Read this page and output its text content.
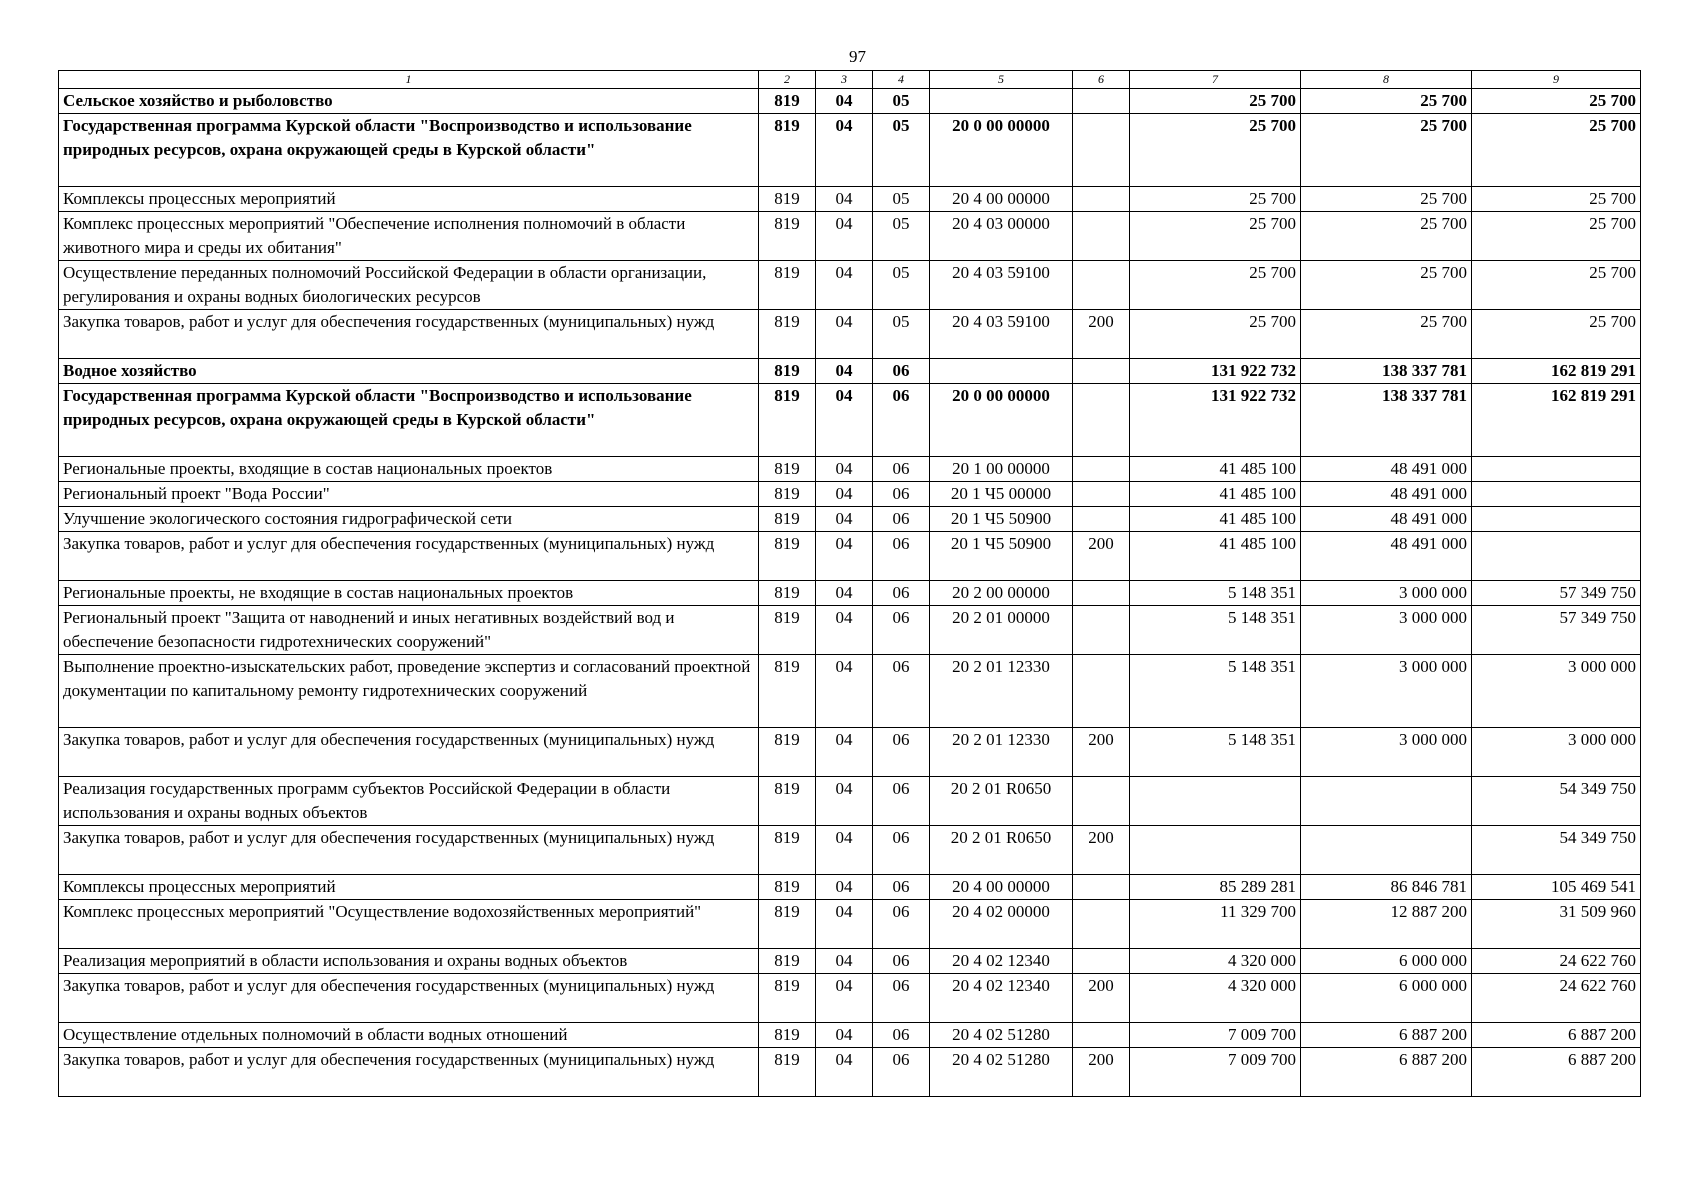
97
1	2	3	4	5	6	7	8	9
Сельское хозяйство и рыболовство	819	04	05			25 700	25 700	25 700
Государственная программа Курской области "Воспроизводство и использование природных ресурсов, охрана окружающей среды в Курской области"	819	04	05	20 0 00 00000		25 700	25 700	25 700
Комплексы процессных мероприятий	819	04	05	20 4 00 00000		25 700	25 700	25 700
Комплекс процессных мероприятий "Обеспечение исполнения полномочий в области животного мира и среды их обитания"	819	04	05	20 4 03 00000		25 700	25 700	25 700
Осуществление переданных полномочий Российской Федерации в области организации, регулирования и охраны водных биологических ресурсов	819	04	05	20 4 03 59100		25 700	25 700	25 700
Закупка товаров, работ и услуг для обеспечения государственных (муниципальных) нужд	819	04	05	20 4 03 59100	200	25 700	25 700	25 700
Водное хозяйство	819	04	06			131 922 732	138 337 781	162 819 291
Государственная программа Курской области "Воспроизводство и использование природных ресурсов, охрана окружающей среды в Курской области"	819	04	06	20 0 00 00000		131 922 732	138 337 781	162 819 291
Региональные проекты, входящие в состав национальных проектов	819	04	06	20 1 00 00000		41 485 100	48 491 000	
Региональный проект "Вода России"	819	04	06	20 1 Ч5 00000		41 485 100	48 491 000	
Улучшение экологического состояния гидрографической сети	819	04	06	20 1 Ч5 50900		41 485 100	48 491 000	
Закупка товаров, работ и услуг для обеспечения государственных (муниципальных) нужд	819	04	06	20 1 Ч5 50900	200	41 485 100	48 491 000	
Региональные проекты, не входящие в состав национальных проектов	819	04	06	20 2 00 00000		5 148 351	3 000 000	57 349 750
Региональный проект "Защита от наводнений и иных негативных воздействий вод и обеспечение безопасности гидротехнических сооружений"	819	04	06	20 2 01 00000		5 148 351	3 000 000	57 349 750
Выполнение проектно-изыскательских работ, проведение экспертиз и согласований проектной документации по капитальному ремонту гидротехнических сооружений	819	04	06	20 2 01 12330		5 148 351	3 000 000	3 000 000
Закупка товаров, работ и услуг для обеспечения государственных (муниципальных) нужд	819	04	06	20 2 01 12330	200	5 148 351	3 000 000	3 000 000
Реализация государственных программ субъектов Российской Федерации в области использования и охраны водных объектов	819	04	06	20 2 01 R0650				54 349 750
Закупка товаров, работ и услуг для обеспечения государственных (муниципальных) нужд	819	04	06	20 2 01 R0650	200			54 349 750
Комплексы процессных мероприятий	819	04	06	20 4 00 00000		85 289 281	86 846 781	105 469 541
Комплекс процессных мероприятий "Осуществление водохозяйственных мероприятий"	819	04	06	20 4 02 00000		11 329 700	12 887 200	31 509 960
Реализация мероприятий в области использования и охраны водных объектов	819	04	06	20 4 02 12340		4 320 000	6 000 000	24 622 760
Закупка товаров, работ и услуг для обеспечения государственных (муниципальных) нужд	819	04	06	20 4 02 12340	200	4 320 000	6 000 000	24 622 760
Осуществление отдельных полномочий в области водных отношений	819	04	06	20 4 02 51280		7 009 700	6 887 200	6 887 200
Закупка товаров, работ и услуг для обеспечения государственных (муниципальных) нужд	819	04	06	20 4 02 51280	200	7 009 700	6 887 200	6 887 200
